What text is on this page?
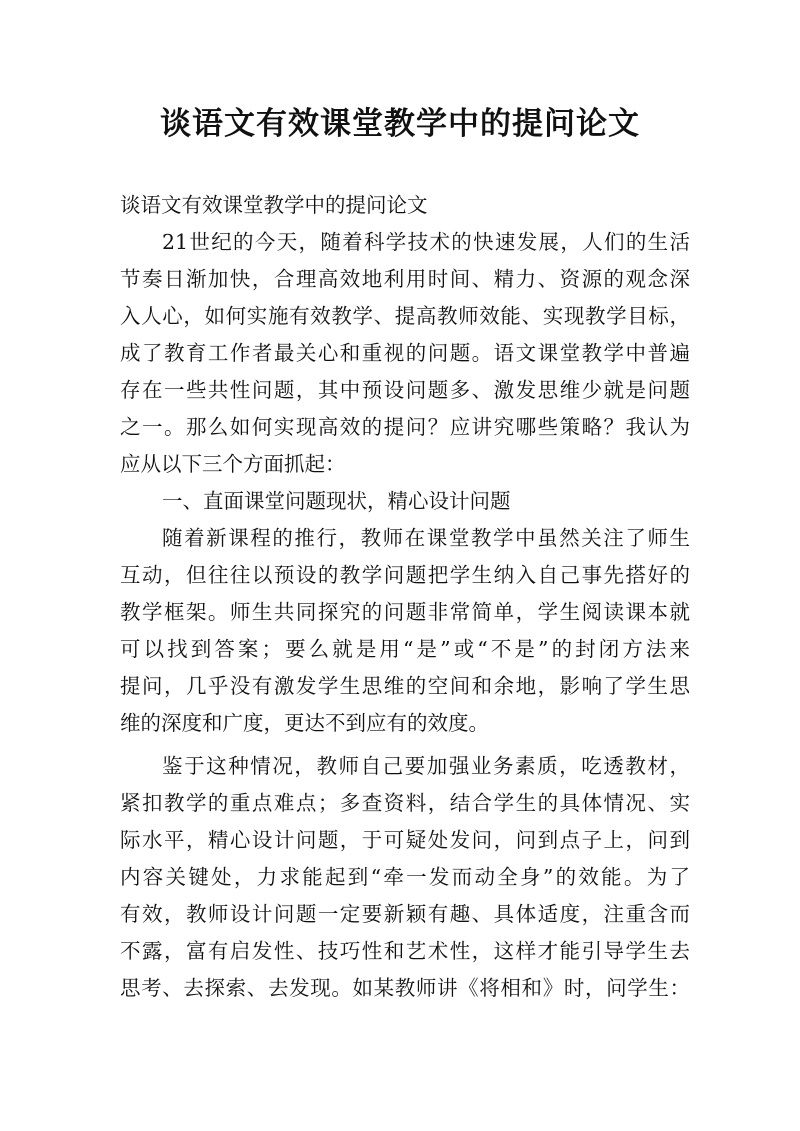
谈语文有效课堂教学中的提问论文
谈语文有效课堂教学中的提问论文
21世纪的今天，随着科学技术的快速发展，人们的生活
节奏日渐加快，合理高效地利用时间、精力、资源的观念深
入人心，如何实施有效教学、提高教师效能、实现教学目标，
成了教育工作者最关心和重视的问题。语文课堂教学中普遍
存在一些共性问题，其中预设问题多、激发思维少就是问题
之一。那么如何实现高效的提问？应讲究哪些策略？我认为
应从以下三个方面抓起：
一、直面课堂问题现状，精心设计问题
随着新课程的推行，教师在课堂教学中虽然关注了师生
互动，但往往以预设的教学问题把学生纳入自己事先搭好的
教学框架。师生共同探究的问题非常简单，学生阅读课本就
可以找到答案；要么就是用“是”或“不是”的封闭方法来
提问，几乎没有激发学生思维的空间和余地，影响了学生思
维的深度和广度，更达不到应有的效度。
鉴于这种情况，教师自己要加强业务素质，吃透教材，
紧扣教学的重点难点；多查资料，结合学生的具体情况、实
际水平，精心设计问题，于可疑处发问，问到点子上，问到
内容关键处，力求能起到“牵一发而动全身”的效能。为了
有效，教师设计问题一定要新颖有趣、具体适度，注重含而
不露，富有启发性、技巧性和艺术性，这样才能引导学生去
思考、去探索、去发现。如某教师讲《将相和》时，问学生：
